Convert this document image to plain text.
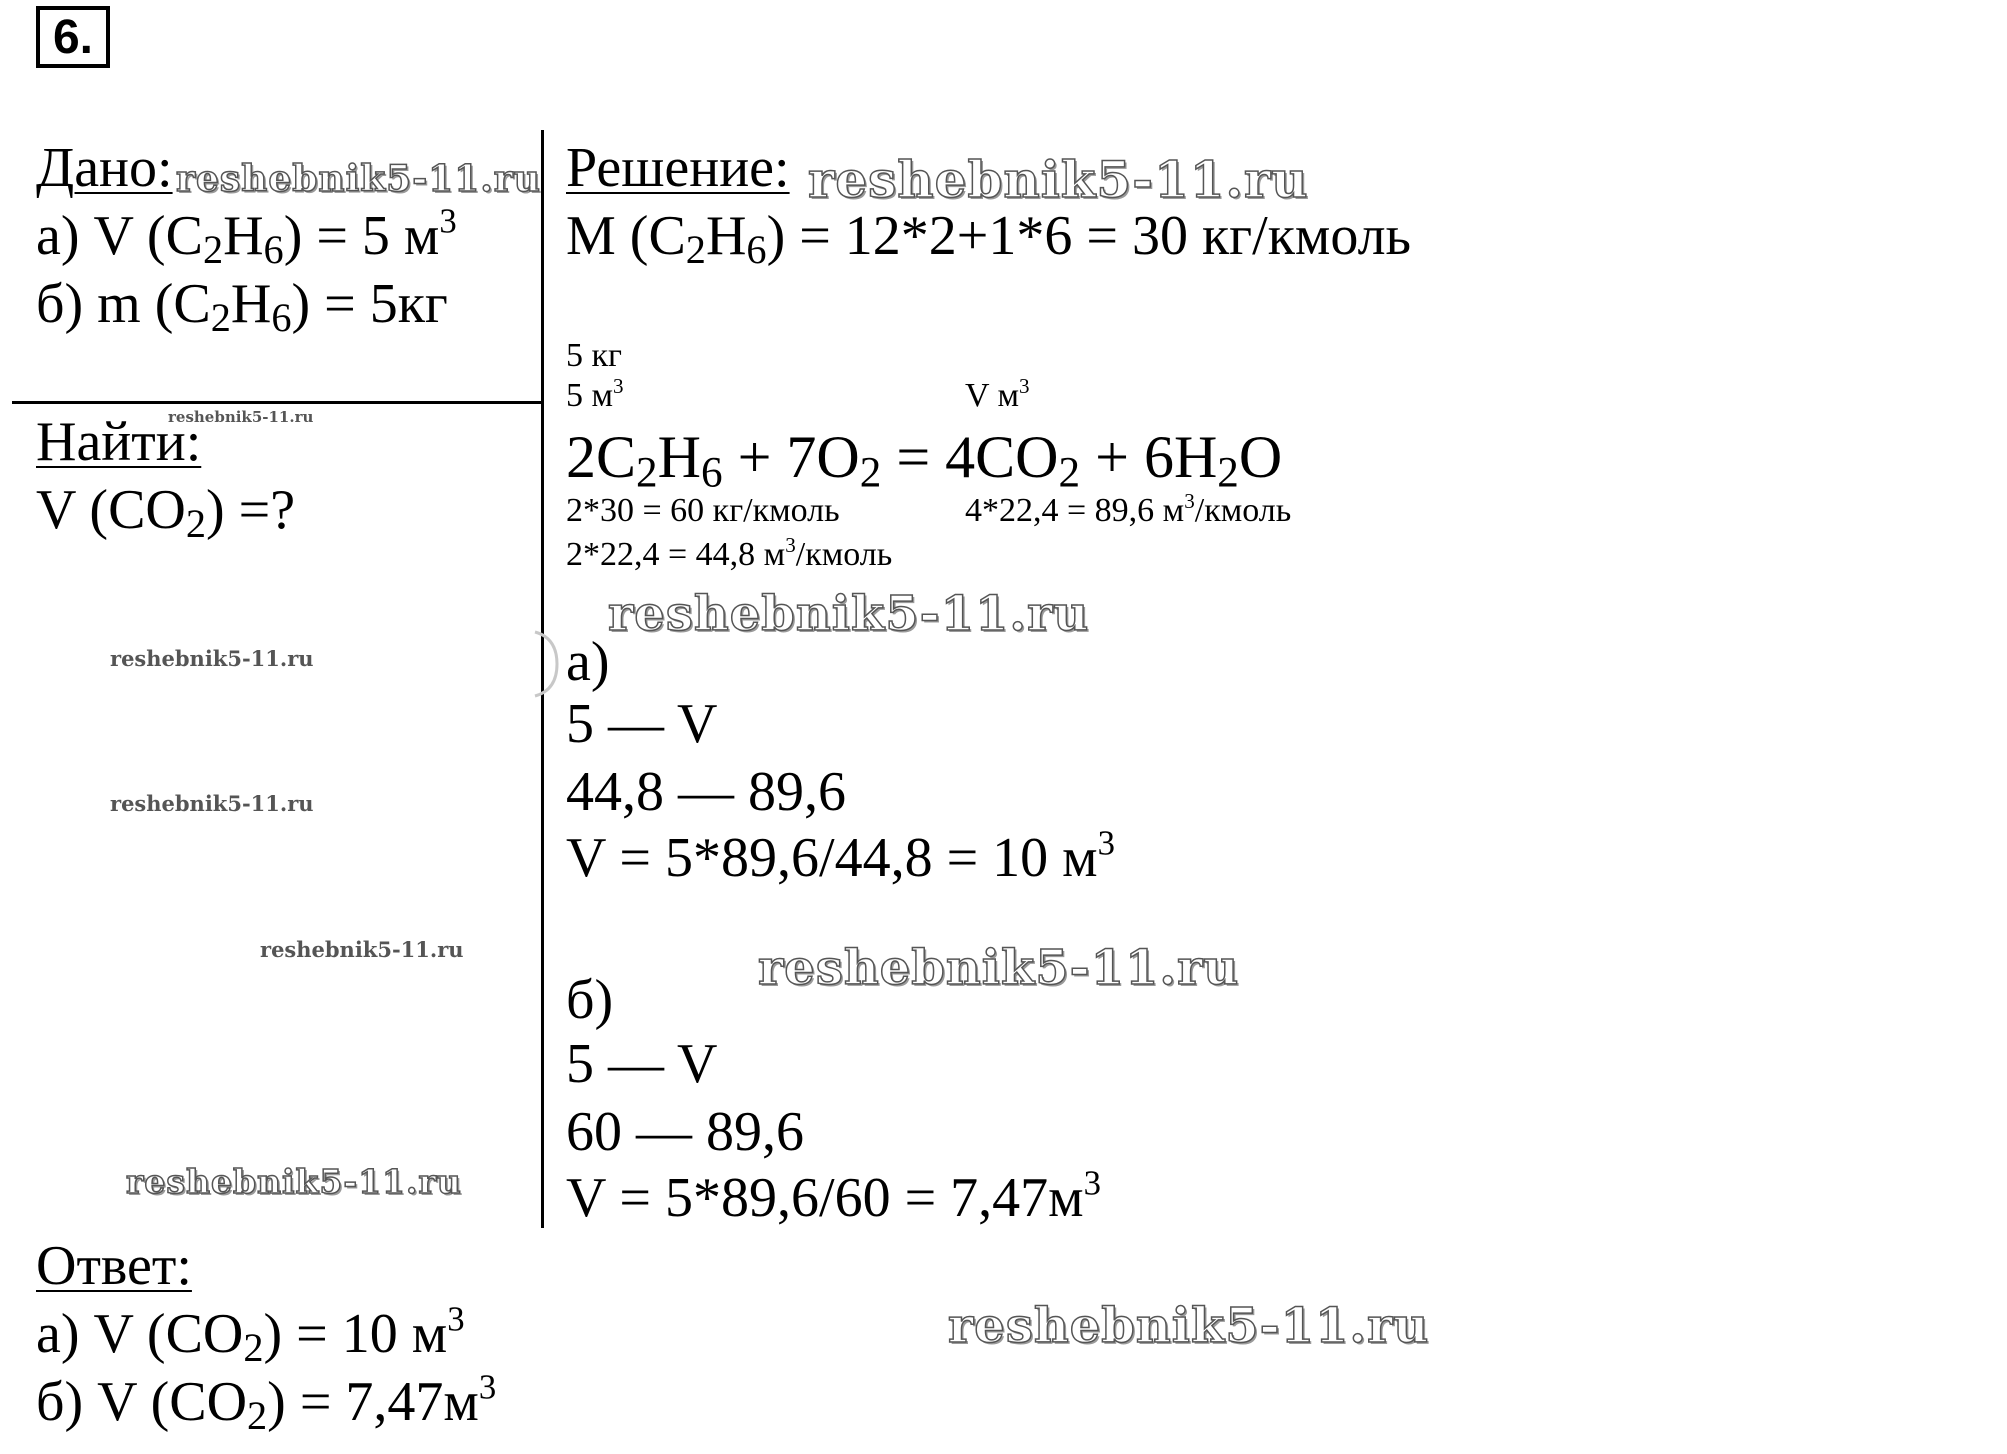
6.
Дано:
а) V $(C_2H_6) = 5$ $м^3$
б) m $(C_2H_6) = 5кг$
Найти:
V $(CO_2)$ =?
Ответ:
а) V $(CO_2) = 10$ $м^3$
б) V $(CO_2) = 7,47м^3$
Решение:
M $(C_2H_6) = 12*2+1*6 = 30$ кг/кмоль
5 кг
5 $м^3$	V $м^3$
$2C_2H_6 + 7O_2 = 4CO_2 + 6H_2O$
2*30 = 60 кг/кмоль
2*22,4 = 44,8 $м^3$/кмоль
4*22,4 = 89,6 $м^3$/кмоль
а)
5 — V
44,8 — 89,6
V = 5*89,6/44,8 = 10 $м^3$
б)
5 — V
60 — 89,6
$V = 5*89,6/60 = 7,47м^3$
reshebnik5-11.ru	reshebnik5-11.ru
reshebnik5-11.ru
reshebnik5-11.ru
reshebnik5-11.ru
reshebnik5-11.ru
reshebnik5-11.ru	reshebnik5-11.ru
reshebnik5-11.ru
reshebnik5-11.ru
